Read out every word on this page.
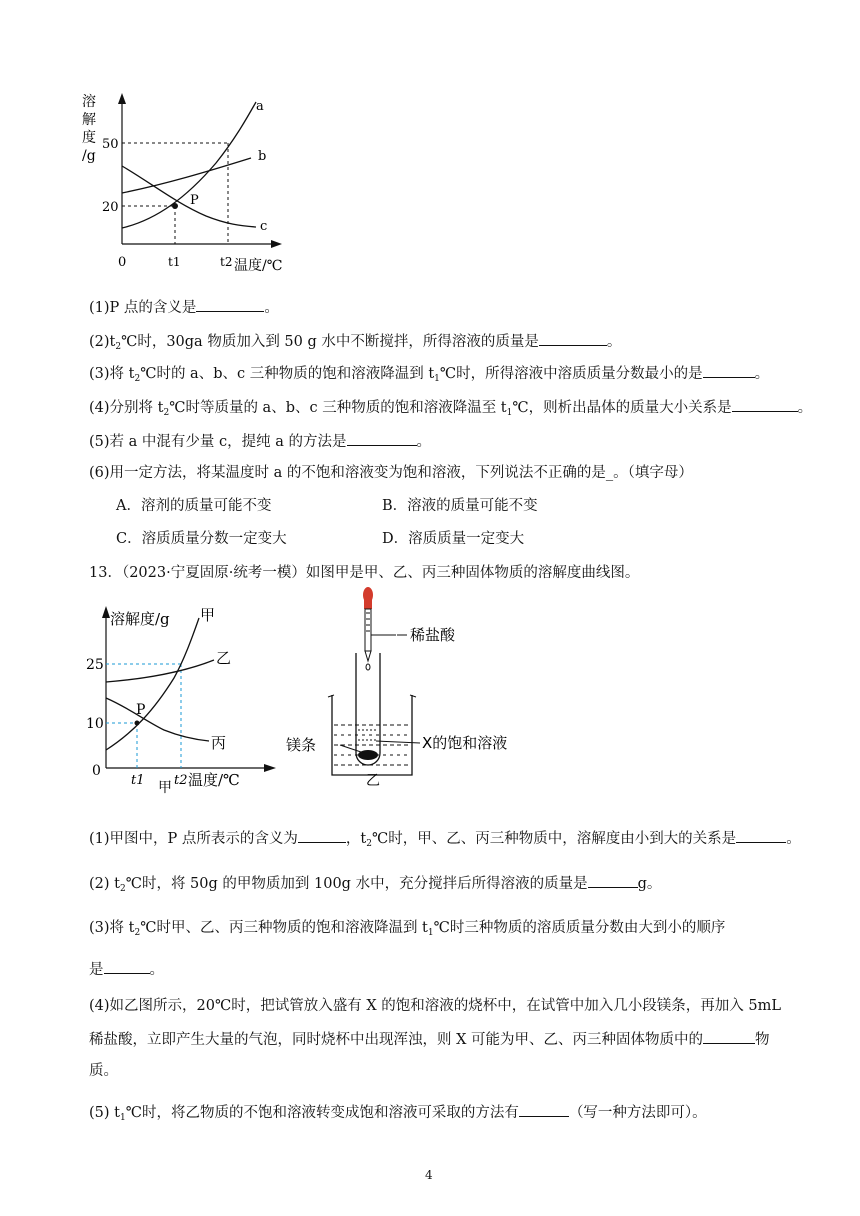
溶
解
度
/g
50
20
0	t1	t2 温度/℃
a
b
c
P
(1)P 点的含义是	。
$(2)t_2℃$时，30ga 物质加入到 50 g 水中不断搅拌，所得溶液的质量是	。
(3)将 $t_2℃$时的 a、b、c 三种物质的饱和溶液降温到 $t_1℃$时，所得溶液中溶质质量分数最小的是	。
(4)分别将 $t_2℃$时等质量的 a、b、c 三种物质的饱和溶液降温至 $t_1℃$，则析出晶体的质量大小关系是	。
(5)若 a 中混有少量 c，提纯 a 的方法是	。
(6)用一定方法，将某温度时 a 的不饱和溶液变为饱和溶液，下列说法不正确的是_。（填字母）
A．溶剂的质量可能不变	B．溶液的质量可能不变
C．溶质质量分数一定变大	D．溶质质量一定变大
13．（2023·宁夏固原·统考一模）如图甲是甲、乙、丙三种固体物质的溶解度曲线图。
溶解度/g 甲
乙
丙
P
25
10
0
t1 t2 温度/℃
甲
稀盐酸
镁条	X的饱和溶液
乙
(1)甲图中，P 点所表示的含义为	，$t_2℃$时，甲、乙、丙三种物质中，溶解度由小到大的关系是	。
(2) $t_2℃$时，将 50g 的甲物质加到 100g 水中，充分搅拌后所得溶液的质量是	g。
(3)将 $t_2℃$时甲、乙、丙三种物质的饱和溶液降温到 $t_1℃$时三种物质的溶质质量分数由大到小的顺序
是	。
(4)如乙图所示，20℃时，把试管放入盛有 X 的饱和溶液的烧杯中，在试管中加入几小段镁条，再加入 5mL
稀盐酸，立即产生大量的气泡，同时烧杯中出现浑浊，则 X 可能为甲、乙、丙三种固体物质中的	物
质。
(5) $t_1℃$时，将乙物质的不饱和溶液转变成饱和溶液可采取的方法有	（写一种方法即可）。
4
